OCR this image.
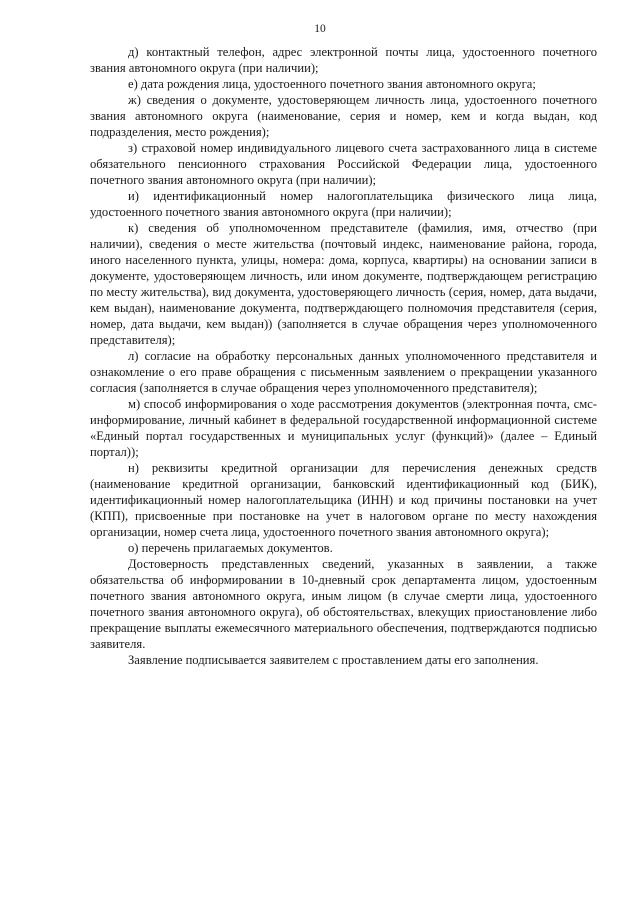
10

д) контактный телефон, адрес электронной почты лица, удостоенного почетного звания автономного округа (при наличии);

е) дата рождения лица, удостоенного почетного звания автономного округа;

ж) сведения о документе, удостоверяющем личность лица, удостоенного почетного звания автономного округа (наименование, серия и номер, кем и когда выдан, код подразделения, место рождения);

з) страховой номер индивидуального лицевого счета застрахованного лица в системе обязательного пенсионного страхования Российской Федерации лица, удостоенного почетного звания автономного округа (при наличии);

и) идентификационный номер налогоплательщика физического лица лица, удостоенного почетного звания автономного округа (при наличии);

к) сведения об уполномоченном представителе (фамилия, имя, отчество (при наличии), сведения о месте жительства (почтовый индекс, наименование района, города, иного населенного пункта, улицы, номера: дома, корпуса, квартиры) на основании записи в документе, удостоверяющем личность, или ином документе, подтверждающем регистрацию по месту жительства), вид документа, удостоверяющего личность (серия, номер, дата выдачи, кем выдан), наименование документа, подтверждающего полномочия представителя (серия, номер, дата выдачи, кем выдан)) (заполняется в случае обращения через уполномоченного представителя);

л) согласие на обработку персональных данных уполномоченного представителя и ознакомление о его праве обращения с письменным заявлением о прекращении указанного согласия (заполняется в случае обращения через уполномоченного представителя);

м) способ информирования о ходе рассмотрения документов (электронная почта, смс-информирование, личный кабинет в федеральной государственной информационной системе «Единый портал государственных и муниципальных услуг (функций)» (далее – Единый портал));

н) реквизиты кредитной организации для перечисления денежных средств (наименование кредитной организации, банковский идентификационный код (БИК), идентификационный номер налогоплательщика (ИНН) и код причины постановки на учет (КПП), присвоенные при постановке на учет в налоговом органе по месту нахождения организации, номер счета лица, удостоенного почетного звания автономного округа);

о) перечень прилагаемых документов.

Достоверность представленных сведений, указанных в заявлении, а также обязательства об информировании в 10-дневный срок департамента лицом, удостоенным почетного звания автономного округа, иным лицом (в случае смерти лица, удостоенного почетного звания автономного округа), об обстоятельствах, влекущих приостановление либо прекращение выплаты ежемесячного материального обеспечения, подтверждаются подписью заявителя.

Заявление подписывается заявителем с проставлением даты его заполнения.
